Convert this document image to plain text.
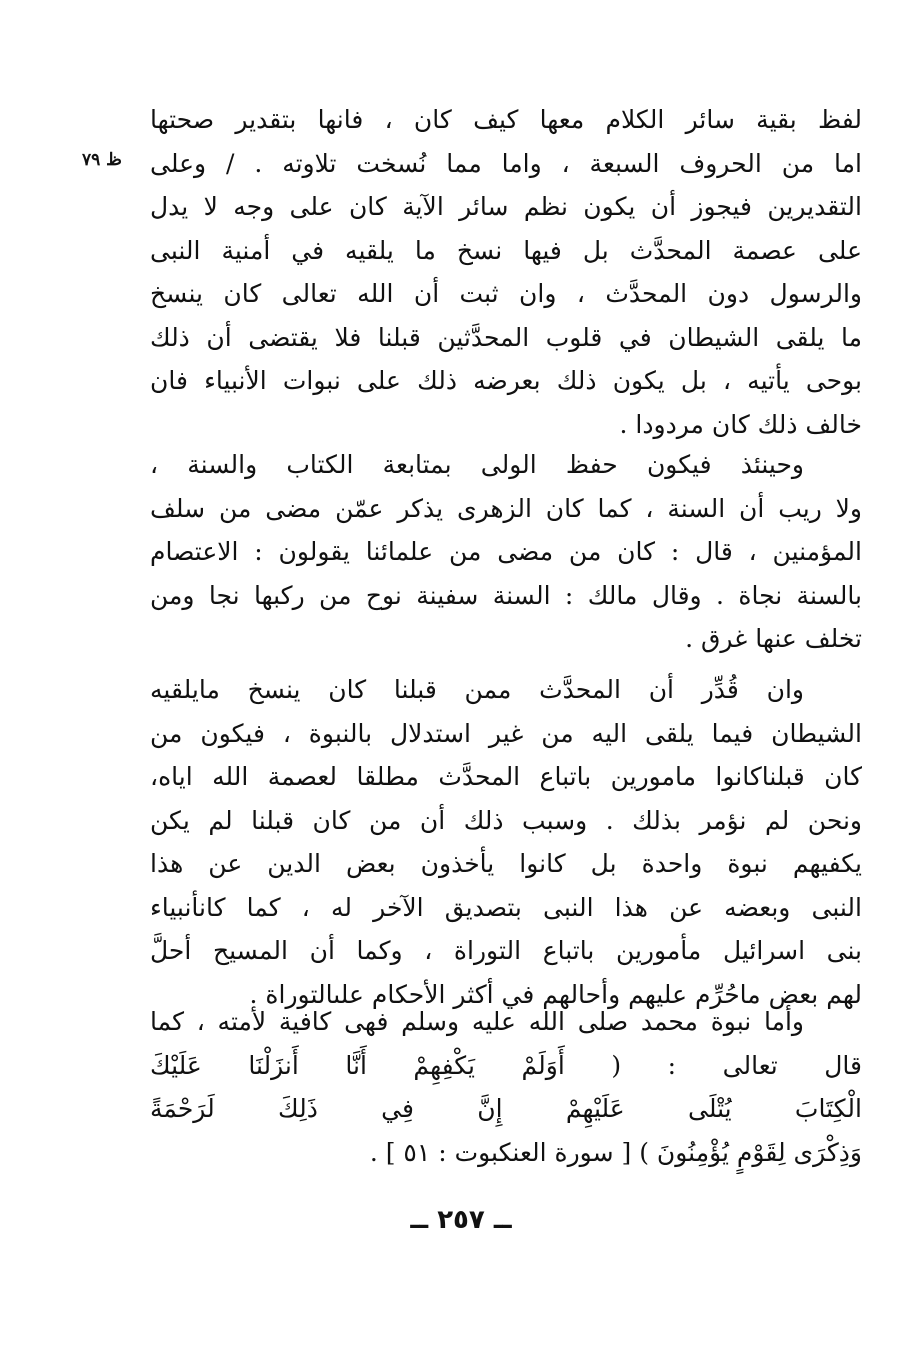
ظ ٧٩
لفظ بقية سائر الكلام معها كيف كان ، فانها بتقدير صحتها
اما من الحروف السبعة ، واما مما نُسخت تلاوته . / وعلى
التقديرين فيجوز أن يكون نظم سائر الآية كان على وجه لا يدل
على عصمة المحدَّث بل فيها نسخ ما يلقيه في أمنية النبى
والرسول دون المحدَّث ، وان ثبت أن الله تعالى كان ينسخ
ما يلقى الشيطان في قلوب المحدَّثين قبلنا فلا يقتضى أن ذلك
بوحى يأتيه ، بل يكون ذلك بعرضه ذلك على نبوات الأنبياء فان
خالف ذلك كان مردودا .
وحينئذ فيكون حفظ الولى بمتابعة الكتاب والسنة ،
ولا ريب أن السنة ، كما كان الزهرى يذكر عمّن مضى من سلف
المؤمنين ، قال : كان من مضى من علمائنا يقولون : الاعتصام
بالسنة نجاة . وقال مالك : السنة سفينة نوح من ركبها نجا ومن
تخلف عنها غرق .
وان قُدِّر أن المحدَّث ممن قبلنا كان ينسخ مايلقيه
الشيطان فيما يلقى اليه من غير استدلال بالنبوة ، فيكون من
كان قبلناكانوا مامورين باتباع المحدَّث مطلقا لعصمة الله اياه،
ونحن لم نؤمر بذلك . وسبب ذلك أن من كان قبلنا لم يكن
يكفيهم نبوة واحدة بل كانوا يأخذون بعض الدين عن هذا
النبى وبعضه عن هذا النبى بتصديق الآخر له ، كما كانأنبياء
بنى اسرائيل مأمورين باتباع التوراة ، وكما أن المسيح أحلَّ
لهم بعض ماحُرِّم عليهم وأحالهم في أكثر الأحكام علىالتوراة .
وأما نبوة محمد صلى الله عليه وسلم فهى كافية لأمته ، كما
قال تعالى : ( أَوَلَمْ يَكْفِهِمْ أَنَّا أَنزَلْنَا عَلَيْكَ
الْكِتَابَ يُتْلَى عَلَيْهِمْ إِنَّ فِي ذَلِكَ لَرَحْمَةً
وَذِكْرَى لِقَوْمٍ يُؤْمِنُونَ ) [ سورة العنكبوت : ٥١ ] .
ــ ٢٥٧ ــ
